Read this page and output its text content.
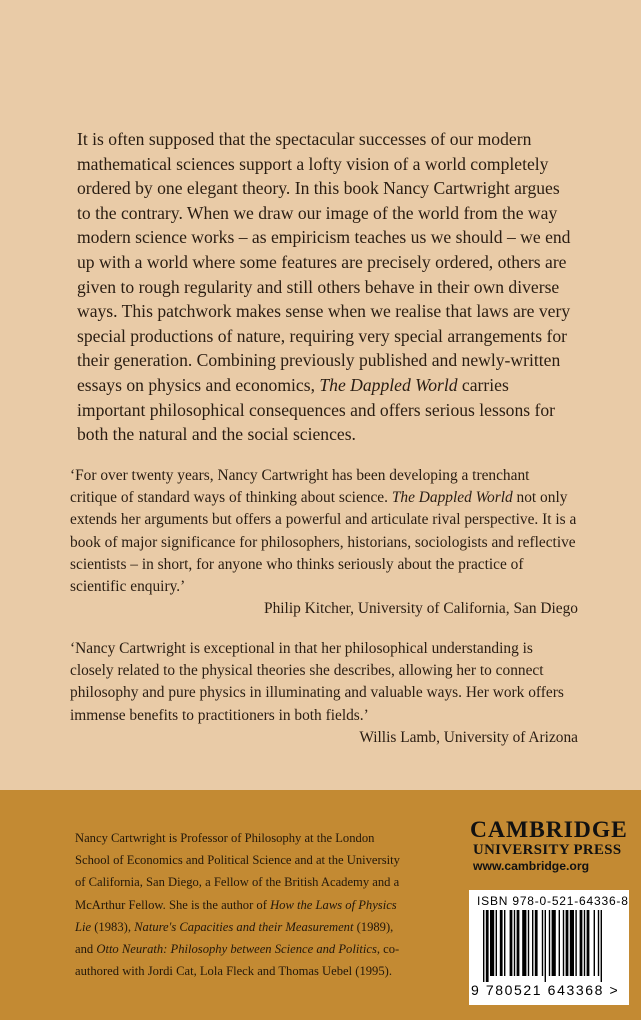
It is often supposed that the spectacular successes of our modern mathematical sciences support a lofty vision of a world completely ordered by one elegant theory. In this book Nancy Cartwright argues to the contrary. When we draw our image of the world from the way modern science works – as empiricism teaches us we should – we end up with a world where some features are precisely ordered, others are given to rough regularity and still others behave in their own diverse ways. This patchwork makes sense when we realise that laws are very special productions of nature, requiring very special arrangements for their generation. Combining previously published and newly-written essays on physics and economics, The Dappled World carries important philosophical consequences and offers serious lessons for both the natural and the social sciences.

‘For over twenty years, Nancy Cartwright has been developing a trenchant critique of standard ways of thinking about science. The Dappled World not only extends her arguments but offers a powerful and articulate rival perspective. It is a book of major significance for philosophers, historians, sociologists and reflective scientists – in short, for anyone who thinks seriously about the practice of scientific enquiry.’
Philip Kitcher, University of California, San Diego

‘Nancy Cartwright is exceptional in that her philosophical understanding is closely related to the physical theories she describes, allowing her to connect philosophy and pure physics in illuminating and valuable ways. Her work offers immense benefits to practitioners in both fields.’
Willis Lamb, University of Arizona

Nancy Cartwright is Professor of Philosophy at the London School of Economics and Political Science and at the University of California, San Diego, a Fellow of the British Academy and a McArthur Fellow. She is the author of How the Laws of Physics Lie (1983), Nature's Capacities and their Measurement (1989), and Otto Neurath: Philosophy between Science and Politics, co-authored with Jordi Cat, Lola Fleck and Thomas Uebel (1995).

CAMBRIDGE
UNIVERSITY PRESS
www.cambridge.org
ISBN 978-0-521-64336-8
9 780521 643368 >
